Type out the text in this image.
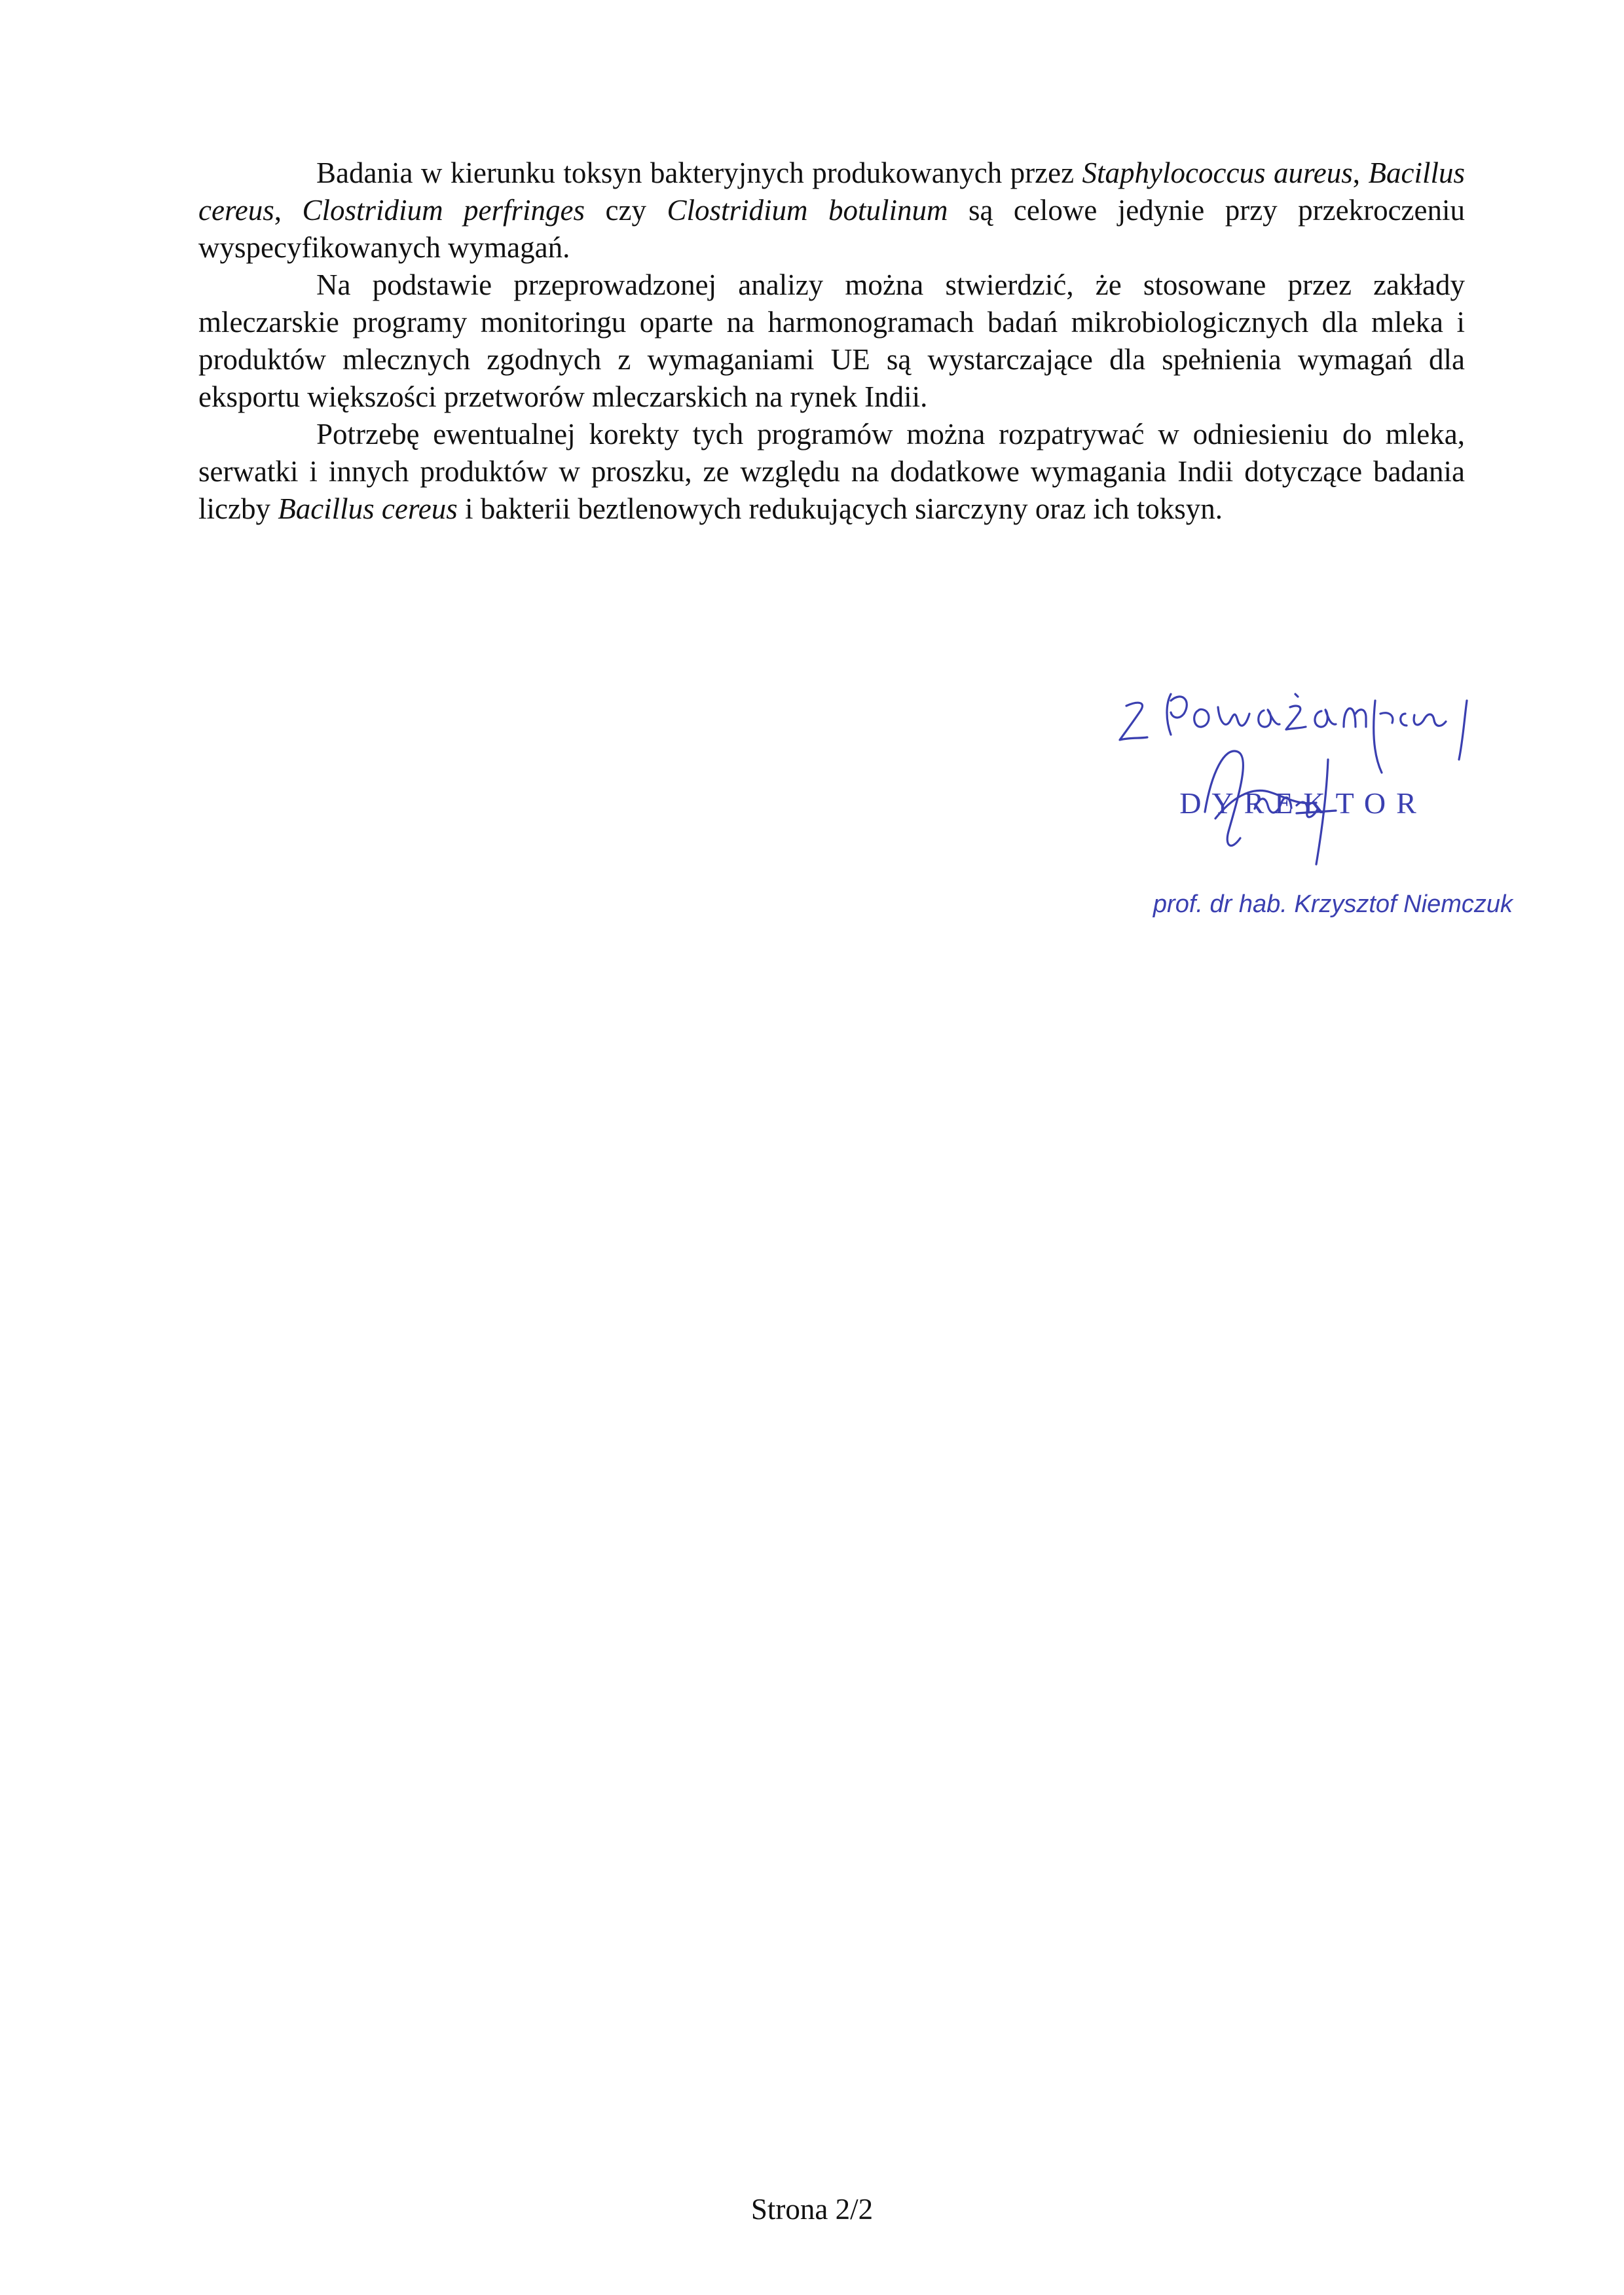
Badania w kierunku toksyn bakteryjnych produkowanych przez Staphylococcus aureus, Bacillus cereus, Clostridium perfringes czy Clostridium botulinum są celowe jedynie przy przekroczeniu wyspecyfikowanych wymagań.

Na podstawie przeprowadzonej analizy można stwierdzić, że stosowane przez zakłady mleczarskie programy monitoringu oparte na harmonogramach badań mikrobiologicznych dla mleka i produktów mlecznych zgodnych z wymaganiami UE są wystarczające dla spełnienia wymagań dla eksportu większości przetworów mleczarskich na rynek Indii.

Potrzebę ewentualnej korekty tych programów można rozpatrywać w odniesieniu do mleka, serwatki i innych produktów w proszku, ze względu na dodatkowe wymagania Indii dotyczące badania liczby Bacillus cereus i bakterii beztlenowych redukujących siarczyny oraz ich toksyn.

DYREKTOR
prof. dr hab. Krzysztof Niemczuk
Strona 2/2
